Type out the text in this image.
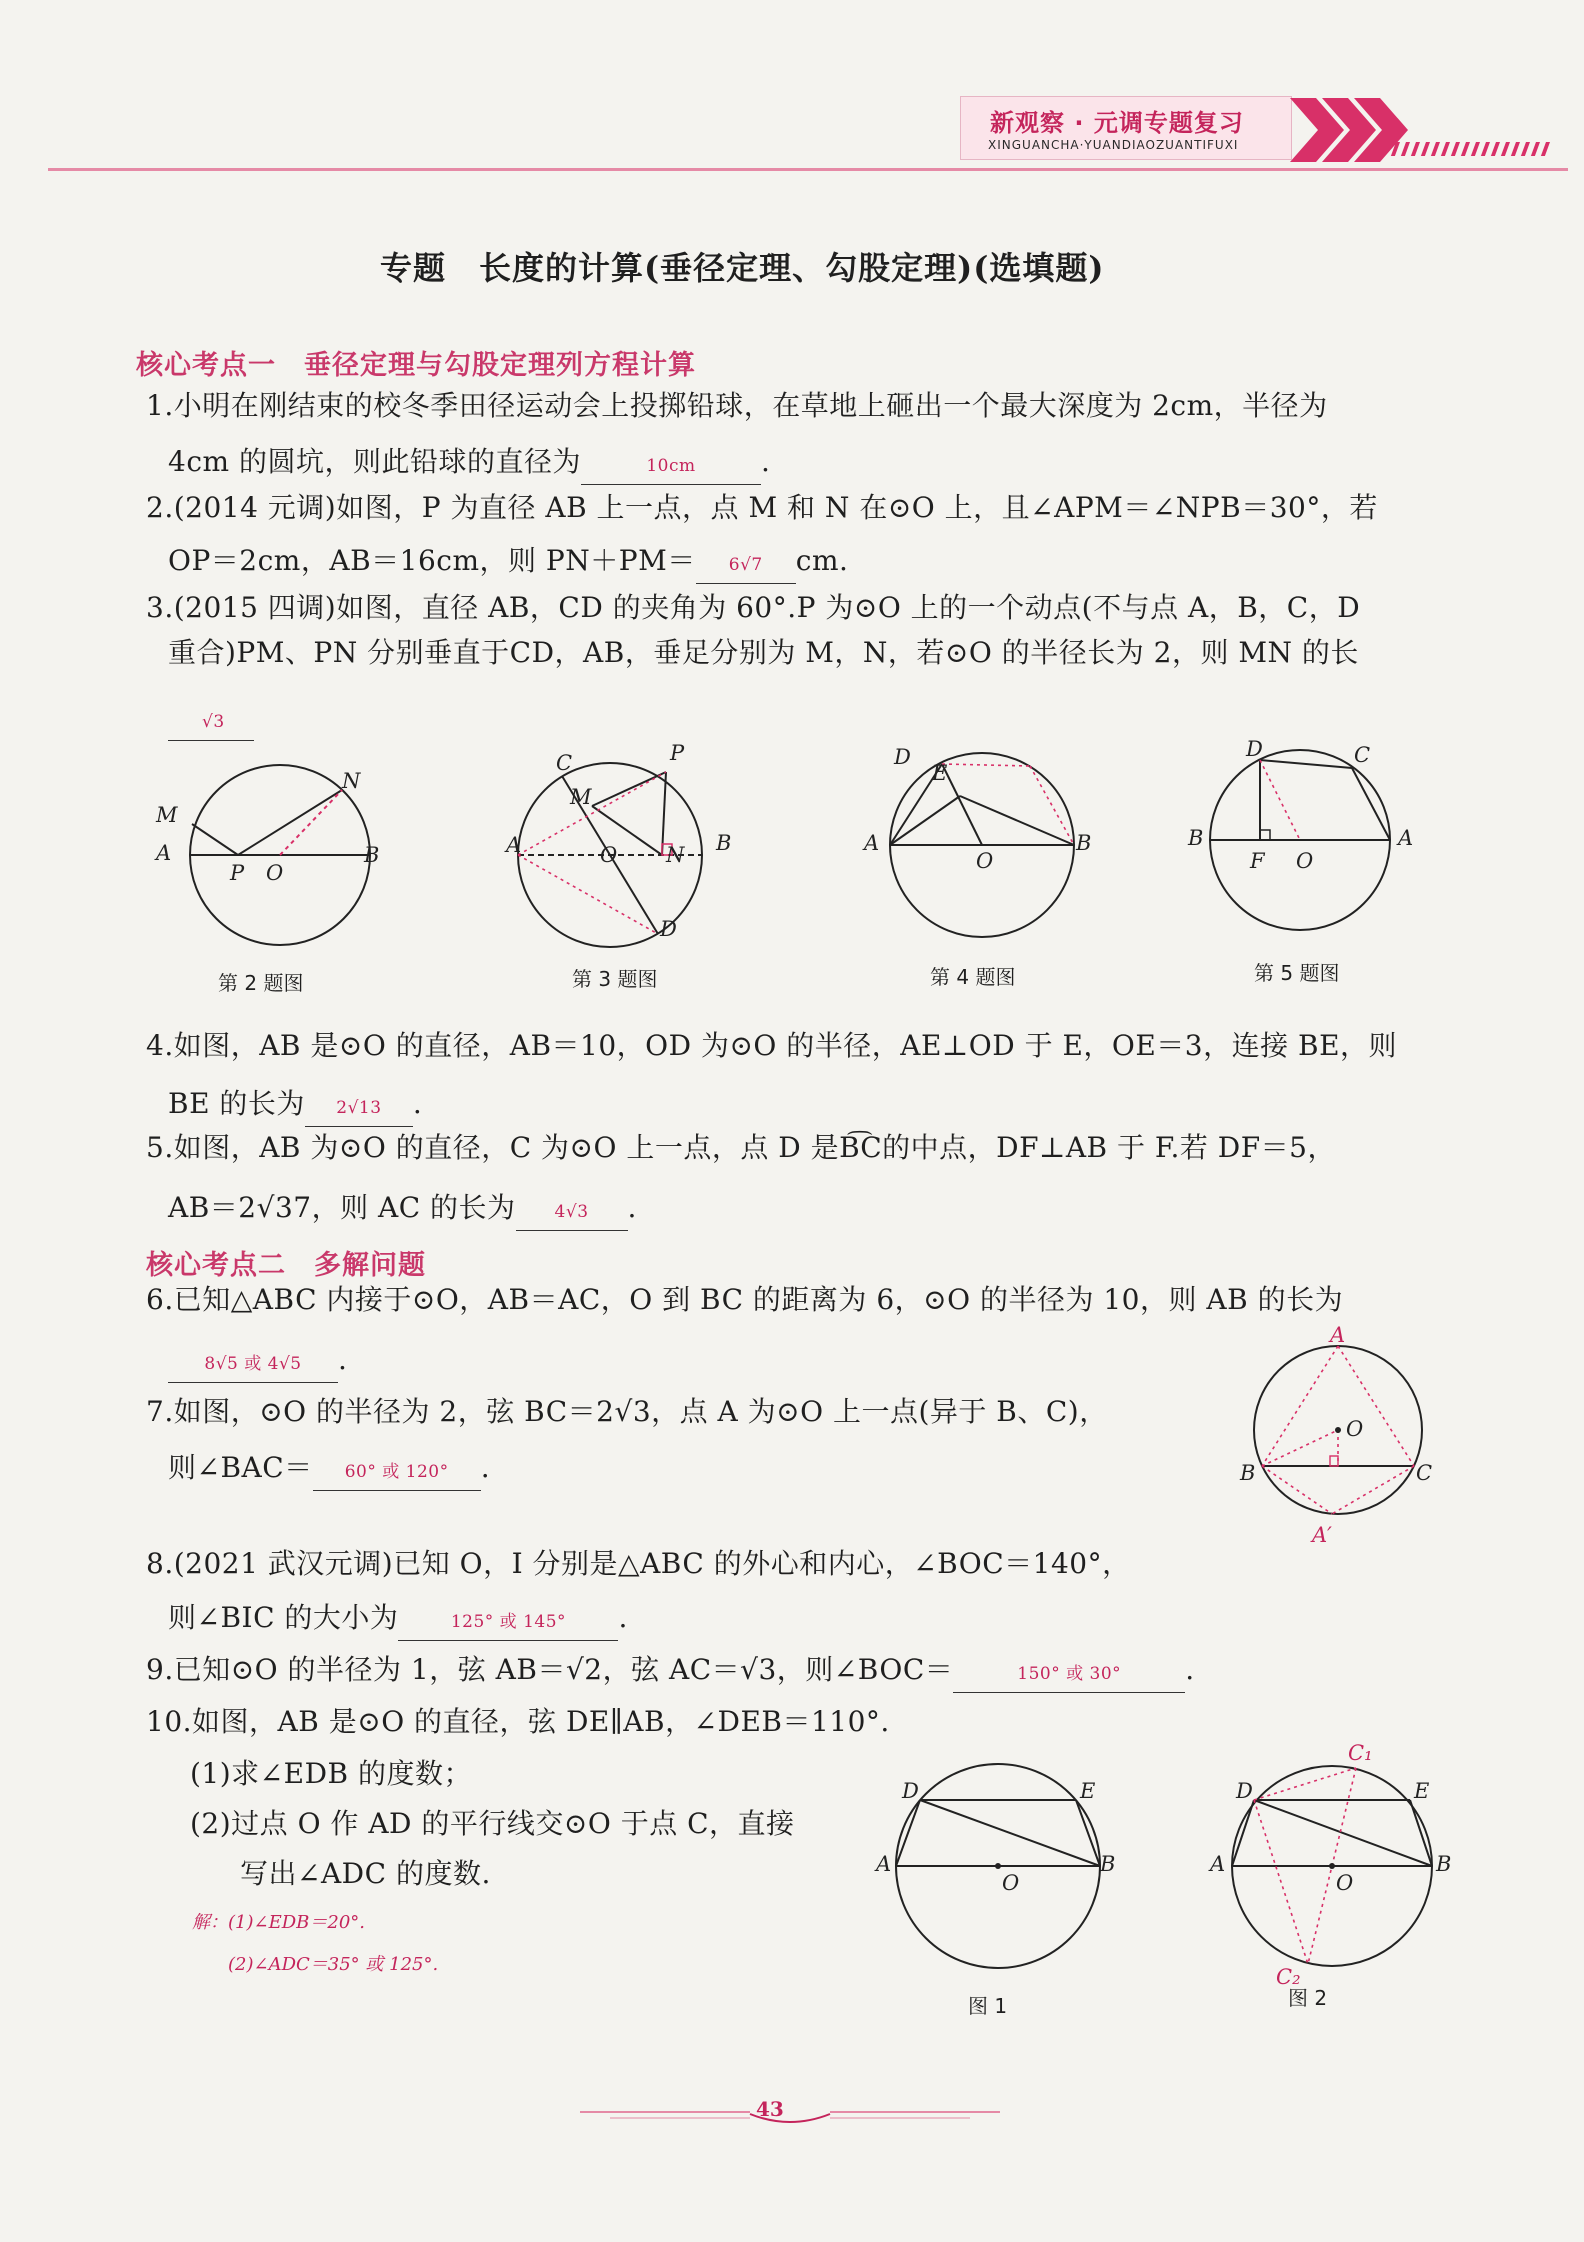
新观察 · 元调专题复习
XINGUANCHA·YUANDIAOZUANTIFUXI
专题　长度的计算(垂径定理、勾股定理)(选填题)
核心考点一　垂径定理与勾股定理列方程计算
1.小明在刚结束的校冬季田径运动会上投掷铅球，在草地上砸出一个最大深度为 2cm，半径为
4cm 的圆坑，则此铅球的直径为	10cm .
2.(2014 元调)如图，P 为直径 AB 上一点，点 M 和 N 在⊙O 上，且∠APM＝∠NPB＝30°，若
OP＝2cm，AB＝16cm，则 PN＋PM＝ 6√7 cm.
3.(2015 四调)如图，直径 AB，CD 的夹角为 60°.P 为⊙O 上的一个动点(不与点 A，B，C，D
重合)PM、PN 分别垂直于CD，AB，垂足分别为 M，N，若⊙O 的半径长为 2，则 MN 的长
√3
M
A
P O
N
B
C	P
M
A	O N B
D
D
E
A
O
B
D	C
B
F O
A
第 2 题图	第 3 题图	第 4 题图	第 5 题图
4.如图，AB 是⊙O 的直径，AB＝10，OD 为⊙O 的半径，AE⊥OD 于 E，OE＝3，连接 BE，则
BE 的长为 2√13 .
5.如图，AB 为⊙O 的直径，C 为⊙O 上一点，点 D 是B͡C的中点，DF⊥AB 于 F.若 DF＝5，
AB＝2√37，则 AC 的长为 4√3 .
核心考点二　多解问题
6.已知△ABC 内接于⊙O，AB＝AC，O 到 BC 的距离为 6，⊙O 的半径为 10，则 AB 的长为
8√5 或 4√5 .
7.如图，⊙O 的半径为 2，弦 BC＝2√3，点 A 为⊙O 上一点(异于 B、C)，
则∠BAC＝ 60° 或 120° .
A
O
B	C
A′
8.(2021 武汉元调)已知 O，I 分别是△ABC 的外心和内心，∠BOC＝140°，
则∠BIC 的大小为	125° 或 145° .
9.已知⊙O 的半径为 1，弦 AB＝√2，弦 AC＝√3，则∠BOC＝	150° 或 30° .
10.如图，AB 是⊙O 的直径，弦 DE∥AB，∠DEB＝110°.
(1)求∠EDB 的度数；
(2)过点 O 作 AD 的平行线交⊙O 于点 C，直接
写出∠ADC 的度数.
解：(1)∠EDB＝20°.
(2)∠ADC＝35° 或 125°.
D	E
A
O
B
C₁
D	E
A
O
B
C₂
图 1	图 2
43
